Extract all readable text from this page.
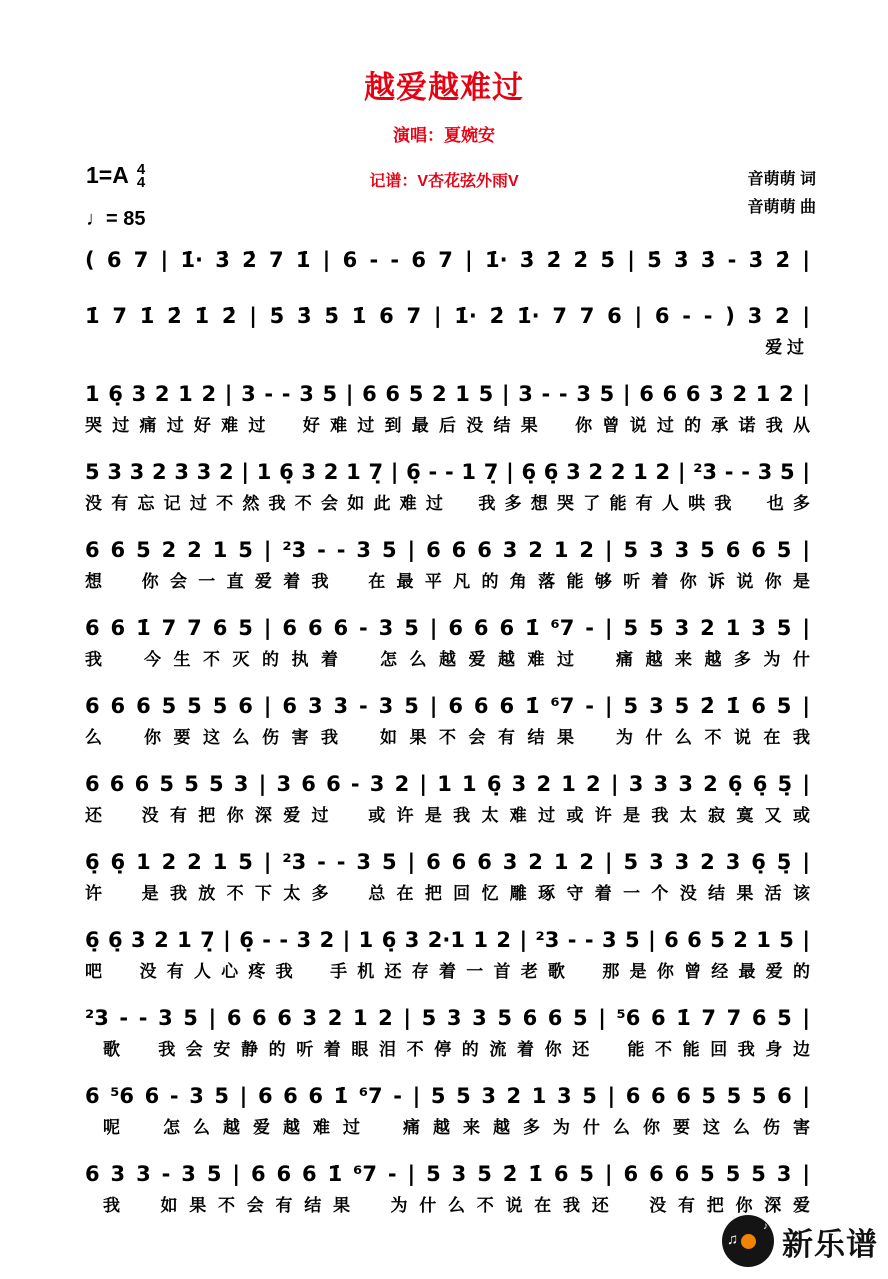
越爱越难过
演唱：夏婉安
记谱：V杏花弦外雨V
1=A 4
4
♩= 85
音萌萌 词
音萌萌 曲
( 6 7 | 1̇· 3̇ 2̇ 7 1̇ | 6 - - 6 7 | 1̇· 3̇ 2̇ 2̇ 5̇ | 5̇ 3̇ 3̇ - 3̇ 2̇ |
1̇ 7 1̇ 2̇ 1̇ 2̇ | 5̇ 3̇ 5̇ 1̇ 6 7 | 1̇· 2̇ 1̇· 7 7 6 | 6 - - ) 3 2 |
爱 过
1 6̣ 3 2 1 2 | 3 - - 3 5 | 6 6 5 2 1 5 | 3 - - 3 5 | 6 6 6 3 2 1 2 |
哭过痛过好难过　好难过到最后没结果　你曾说过的承诺我从
5 3 3 2 3 3 2 | 1 6̣ 3 2 1 7̣ | 6̣ - - 1 7̣ | 6̣ 6̣ 3 2 2 1 2 | ²3 - - 3 5 |
没有忘记过不然我不会如此难过　我多想哭了能有人哄我　也多
6 6 5 2 2 1 5 | ²3 - - 3 5 | 6 6 6 3 2 1 2 | 5 3 3 5 6 6 5 |
想　你会一直爱着我　在最平凡的角落能够听着你诉说你是
6 6 1̇ 7 7 6 5 | 6 6 6 - 3 5 | 6 6 6 1̇ ⁶7 - | 5 5 3 2 1 3 5 |
我　今生不灭的执着　怎么越爱越难过　痛越来越多为什
6 6 6 5 5 5 6 | 6 3 3 - 3 5 | 6 6 6 1̇ ⁶7 - | 5 3 5 2̇ 1̇ 6 5 |
么　你要这么伤害我　如果不会有结果　为什么不说在我
6 6 6 5 5 5 3 | 3 6 6 - 3 2 | 1 1 6̣ 3 2 1 2 | 3 3 3 2 6̣ 6̣ 5̣ |
还　没有把你深爱过　或许是我太难过或许是我太寂寞又或
6̣ 6̣ 1 2 2 1 5 | ²3 - - 3 5 | 6 6 6 3 2 1 2 | 5 3 3 2 3 6̣ 5̣ |
许　是我放不下太多　总在把回忆雕琢守着一个没结果活该
6̣ 6̣ 3 2 1 7̣ | 6̣ - - 3 2 | 1 6̣ 3 2·1 1 2 | ²3 - - 3 5 | 6 6 5 2 1 5 |
吧　没有人心疼我　手机还存着一首老歌　那是你曾经最爱的
²3 - - 3 5 | 6 6 6 3 2 1 2 | 5 3 3 5 6 6 5 | ⁵6 6 1̇ 7 7 6 5 |
歌　我会安静的听着眼泪不停的流着你还　能不能回我身边
6 ⁵6 6 - 3 5 | 6 6 6 1̇ ⁶7 - | 5 5 3 2 1 3 5 | 6 6 6 5 5 5 6 |
呢　怎么越爱越难过　痛越来越多为什么你要这么伤害
6 3 3 - 3 5 | 6 6 6 1̇ ⁶7 - | 5 3 5 2̇ 1̇ 6 5 | 6 6 6 5 5 5 3 |
我　如果不会有结果　为什么不说在我还　没有把你深爱
♫
♪ 新乐谱
